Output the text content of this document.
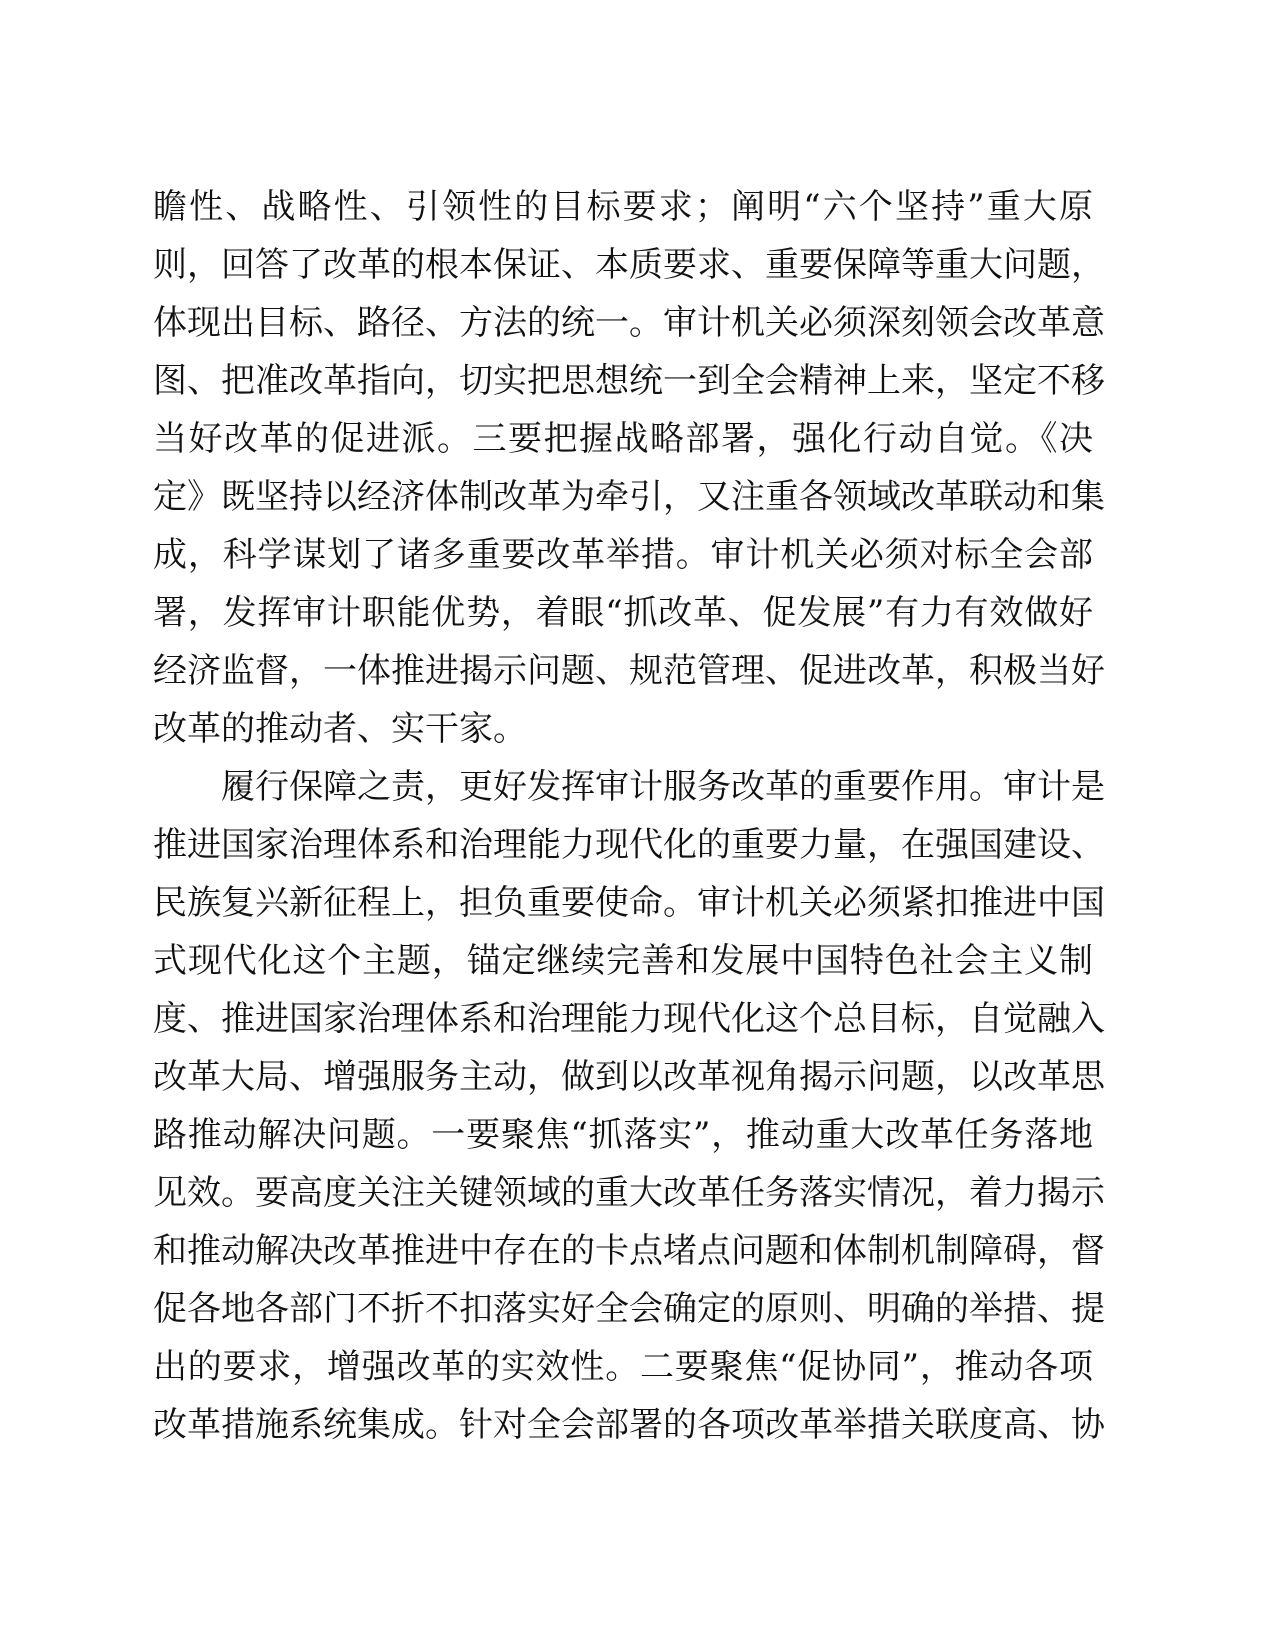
瞻性、战略性、引领性的目标要求；阐明“六个坚持”重大原
则，回答了改革的根本保证、本质要求、重要保障等重大问题，
体现出目标、路径、方法的统一。审计机关必须深刻领会改革意
图、把准改革指向，切实把思想统一到全会精神上来，坚定不移
当好改革的促进派。三要把握战略部署，强化行动自觉。《决
定》既坚持以经济体制改革为牵引，又注重各领域改革联动和集
成，科学谋划了诸多重要改革举措。审计机关必须对标全会部
署，发挥审计职能优势，着眼“抓改革、促发展”有力有效做好
经济监督，一体推进揭示问题、规范管理、促进改革，积极当好
改革的推动者、实干家。
履行保障之责，更好发挥审计服务改革的重要作用。审计是
推进国家治理体系和治理能力现代化的重要力量，在强国建设、
民族复兴新征程上，担负重要使命。审计机关必须紧扣推进中国
式现代化这个主题，锚定继续完善和发展中国特色社会主义制
度、推进国家治理体系和治理能力现代化这个总目标，自觉融入
改革大局、增强服务主动，做到以改革视角揭示问题，以改革思
路推动解决问题。一要聚焦“抓落实”，推动重大改革任务落地
见效。要高度关注关键领域的重大改革任务落实情况，着力揭示
和推动解决改革推进中存在的卡点堵点问题和体制机制障碍，督
促各地各部门不折不扣落实好全会确定的原则、明确的举措、提
出的要求，增强改革的实效性。二要聚焦“促协同”，推动各项
改革措施系统集成。针对全会部署的各项改革举措关联度高、协
